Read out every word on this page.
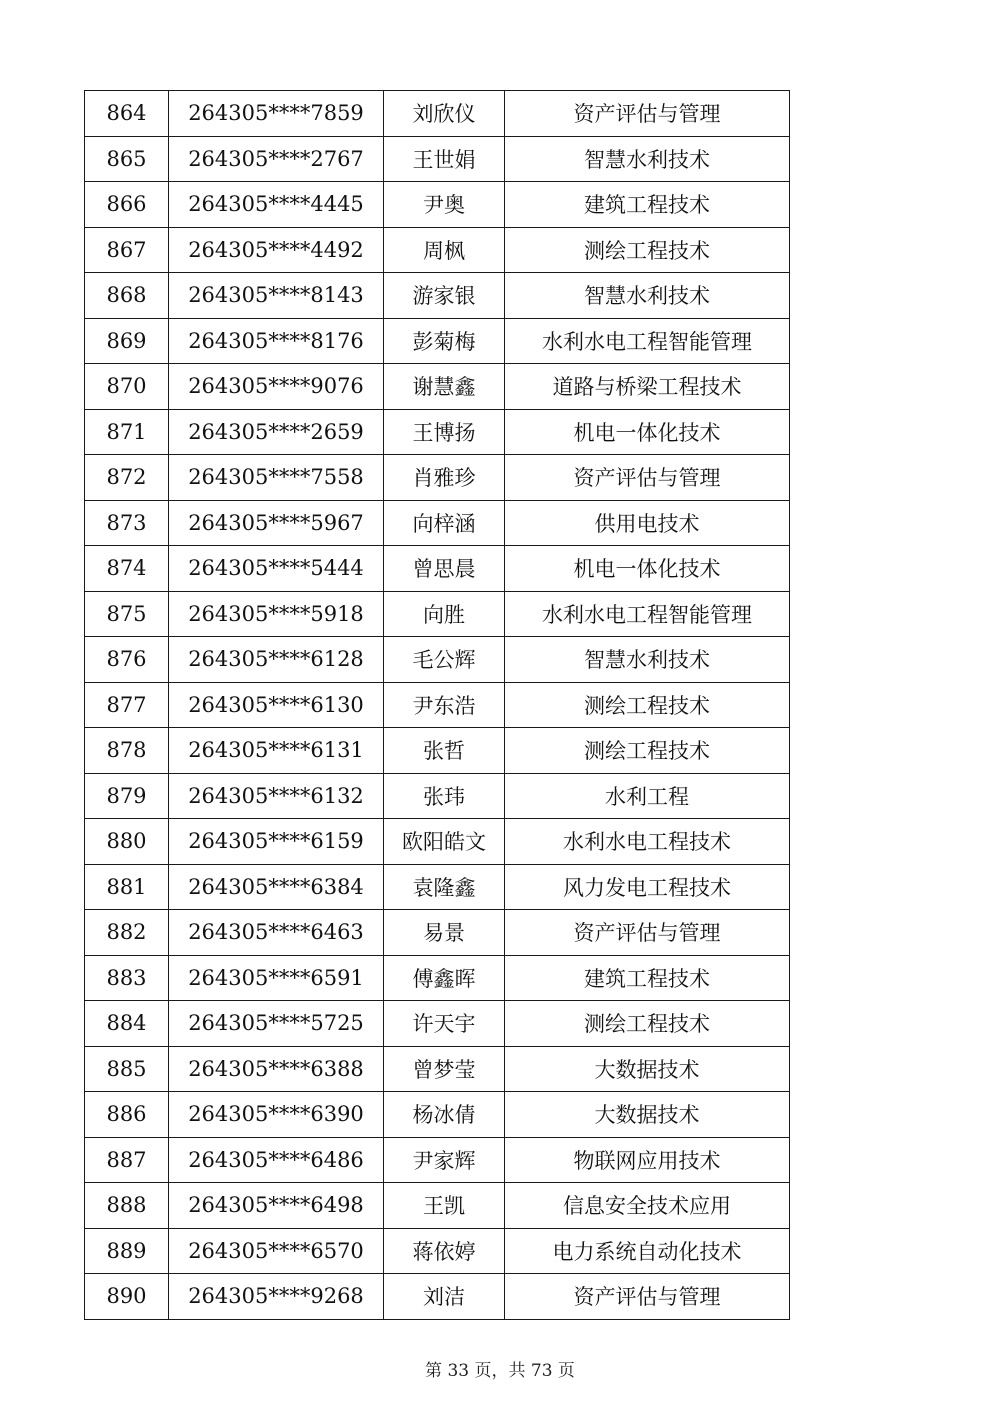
864	264305****7859	刘欣仪	资产评估与管理
865	264305****2767	王世娟	智慧水利技术
866	264305****4445	尹奥	建筑工程技术
867	264305****4492	周枫	测绘工程技术
868	264305****8143	游家银	智慧水利技术
869	264305****8176	彭菊梅	水利水电工程智能管理
870	264305****9076	谢慧鑫	道路与桥梁工程技术
871	264305****2659	王博扬	机电一体化技术
872	264305****7558	肖雅珍	资产评估与管理
873	264305****5967	向梓涵	供用电技术
874	264305****5444	曾思晨	机电一体化技术
875	264305****5918	向胜	水利水电工程智能管理
876	264305****6128	毛公辉	智慧水利技术
877	264305****6130	尹东浩	测绘工程技术
878	264305****6131	张哲	测绘工程技术
879	264305****6132	张玮	水利工程
880	264305****6159	欧阳皓文	水利水电工程技术
881	264305****6384	袁隆鑫	风力发电工程技术
882	264305****6463	易景	资产评估与管理
883	264305****6591	傅鑫晖	建筑工程技术
884	264305****5725	许天宇	测绘工程技术
885	264305****6388	曾梦莹	大数据技术
886	264305****6390	杨冰倩	大数据技术
887	264305****6486	尹家辉	物联网应用技术
888	264305****6498	王凯	信息安全技术应用
889	264305****6570	蒋依婷	电力系统自动化技术
890	264305****9268	刘洁	资产评估与管理
第 33 页，共 73 页
